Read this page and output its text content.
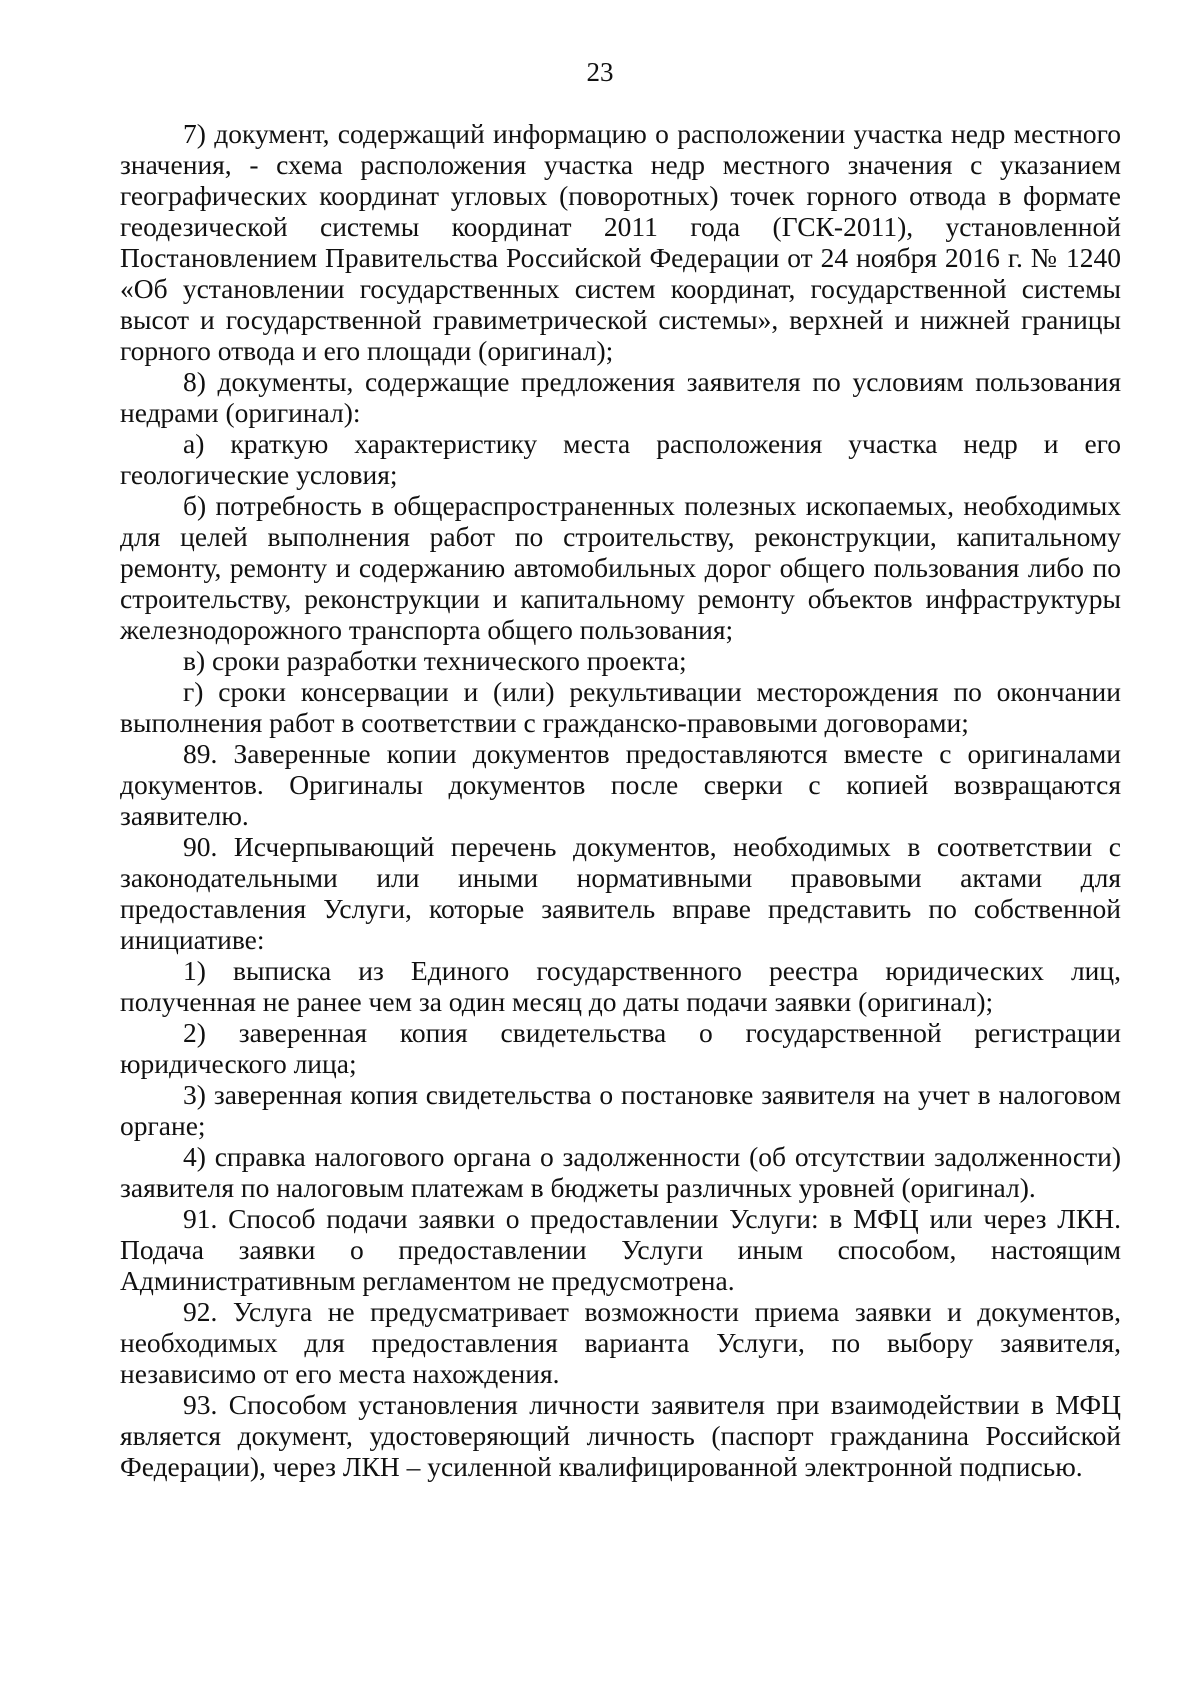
23

7) документ, содержащий информацию о расположении участка недр местного значения, - схема расположения участка недр местного значения с указанием географических координат угловых (поворотных) точек горного отвода в формате геодезической системы координат 2011 года (ГСК-2011), установленной Постановлением Правительства Российской Федерации от 24 ноября 2016 г. № 1240 «Об установлении государственных систем координат, государственной системы высот и государственной гравиметрической системы», верхней и нижней границы горного отвода и его площади (оригинал);

8) документы, содержащие предложения заявителя по условиям пользования недрами (оригинал):

а) краткую характеристику места расположения участка недр и его геологические условия;

б) потребность в общераспространенных полезных ископаемых, необходимых для целей выполнения работ по строительству, реконструкции, капитальному ремонту, ремонту и содержанию автомобильных дорог общего пользования либо по строительству, реконструкции и капитальному ремонту объектов инфраструктуры железнодорожного транспорта общего пользования;

в) сроки разработки технического проекта;

г) сроки консервации и (или) рекультивации месторождения по окончании выполнения работ в соответствии с гражданско-правовыми договорами;

89. Заверенные копии документов предоставляются вместе с оригиналами документов. Оригиналы документов после сверки с копией возвращаются заявителю.

90. Исчерпывающий перечень документов, необходимых в соответствии с законодательными или иными нормативными правовыми актами для предоставления Услуги, которые заявитель вправе представить по собственной инициативе:

1) выписка из Единого государственного реестра юридических лиц, полученная не ранее чем за один месяц до даты подачи заявки (оригинал);

2) заверенная копия свидетельства о государственной регистрации юридического лица;

3) заверенная копия свидетельства о постановке заявителя на учет в налоговом органе;

4) справка налогового органа о задолженности (об отсутствии задолженности) заявителя по налоговым платежам в бюджеты различных уровней (оригинал).

91. Способ подачи заявки о предоставлении Услуги: в МФЦ или через ЛКН. Подача заявки о предоставлении Услуги иным способом, настоящим Административным регламентом не предусмотрена.

92. Услуга не предусматривает возможности приема заявки и документов, необходимых для предоставления варианта Услуги, по выбору заявителя, независимо от его места нахождения.

93. Способом установления личности заявителя при взаимодействии в МФЦ является документ, удостоверяющий личность (паспорт гражданина Российской Федерации), через ЛКН – усиленной квалифицированной электронной подписью.
